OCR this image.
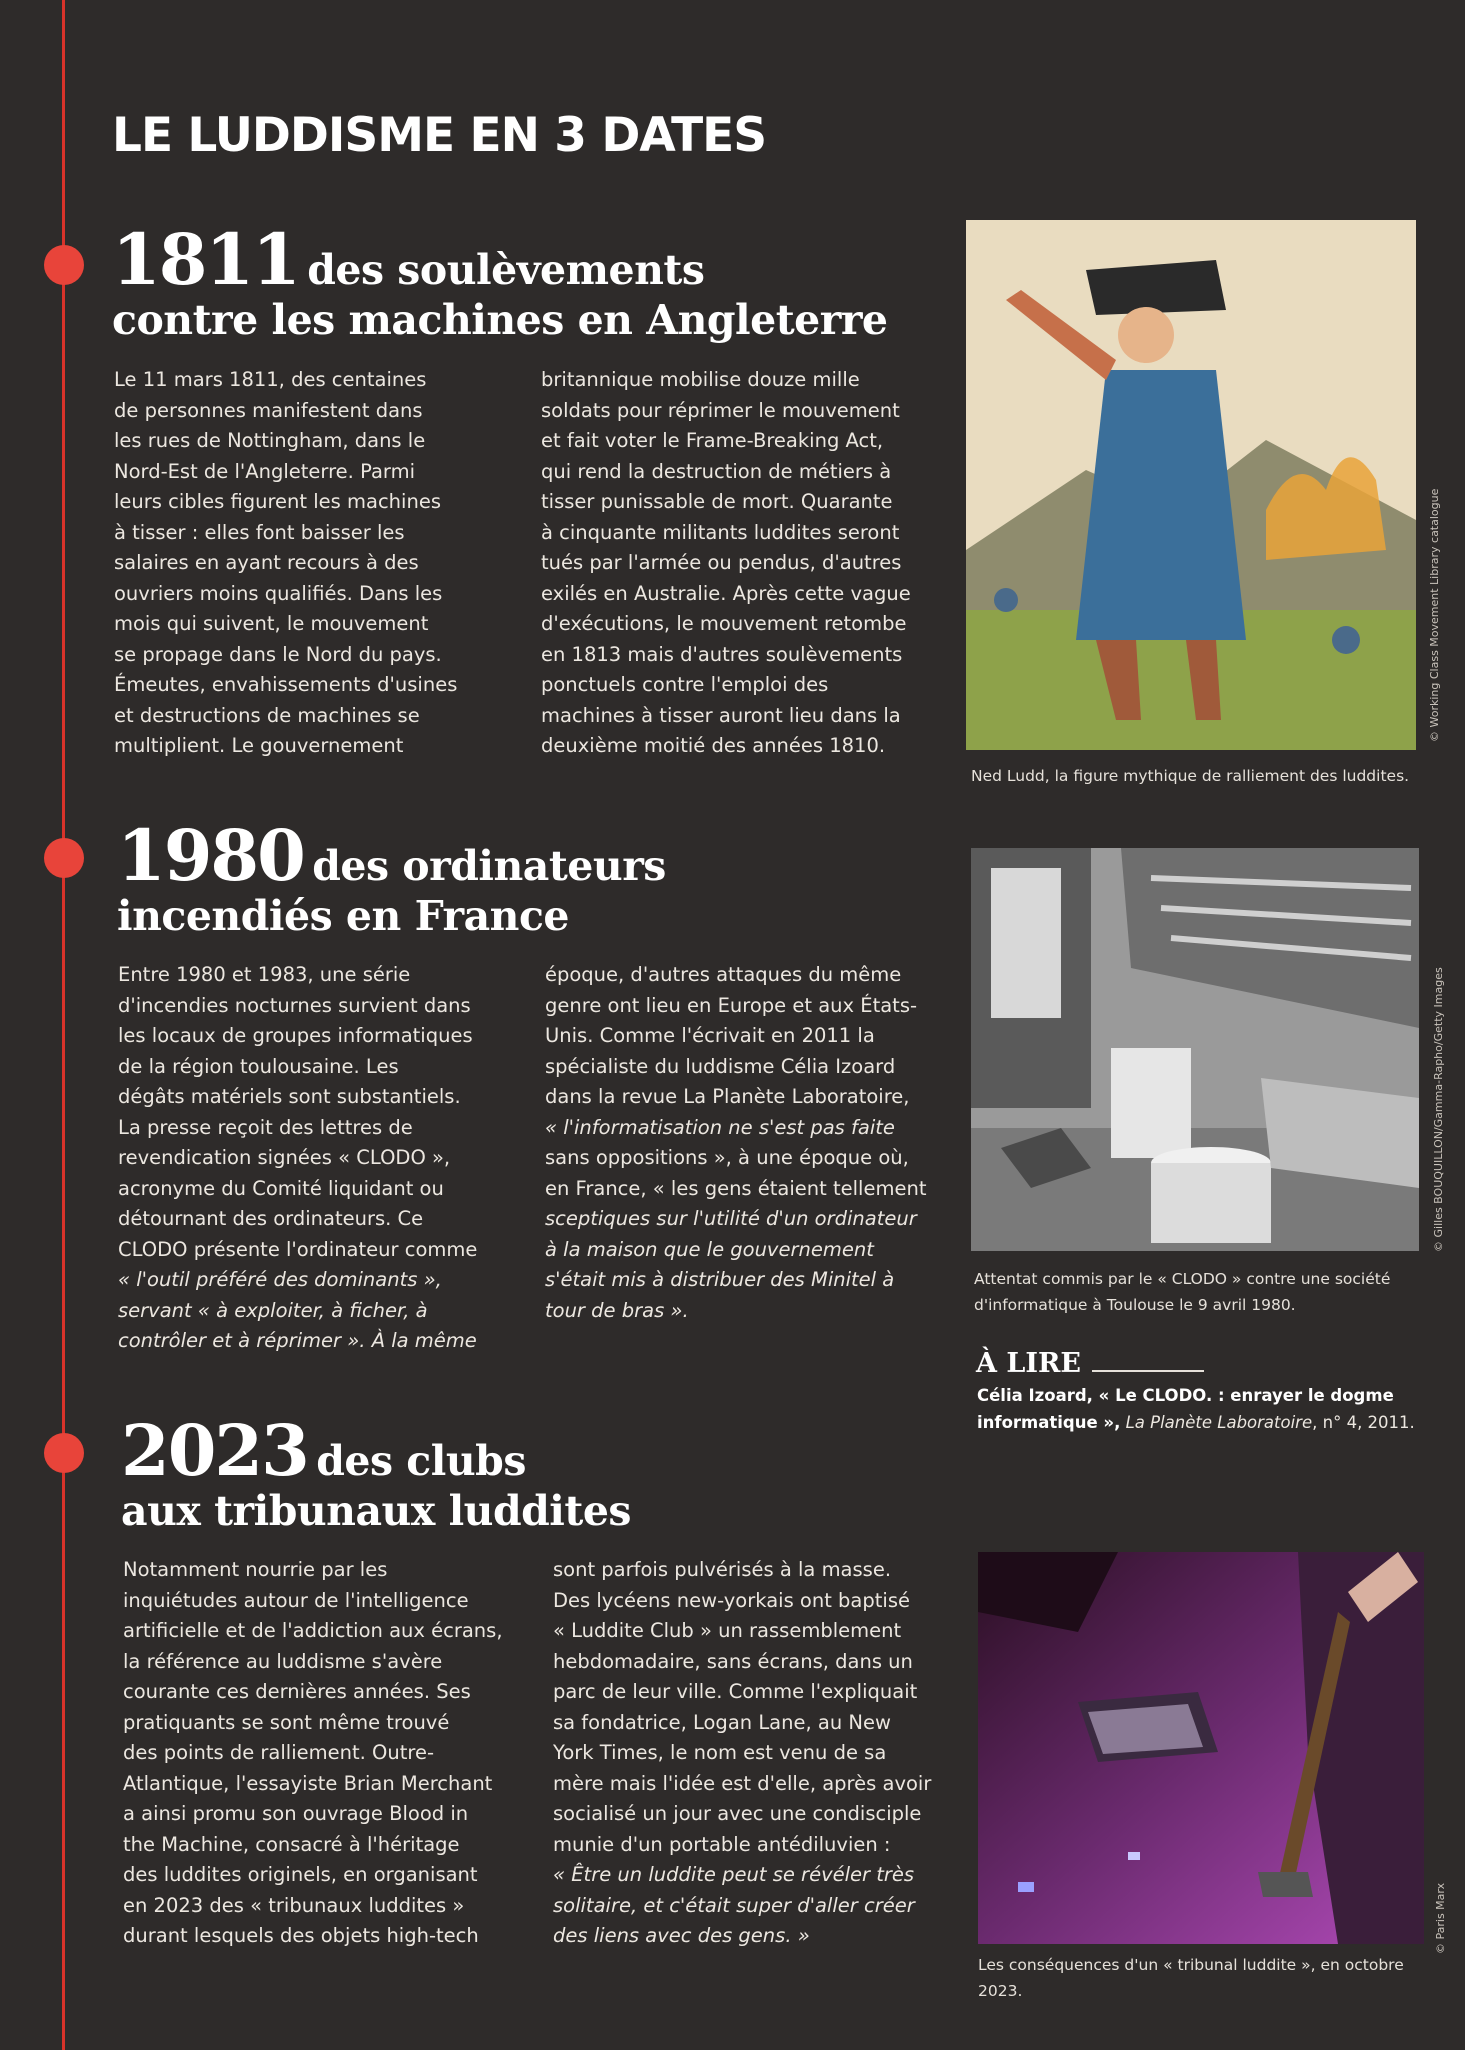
LE LUDDISME EN 3 DATES
1811 des soulèvements
contre les machines en Angleterre
Le 11 mars 1811, des centaines
de personnes manifestent dans
les rues de Nottingham, dans le
Nord-Est de l'Angleterre. Parmi
leurs cibles figurent les machines
à tisser : elles font baisser les
salaires en ayant recours à des
ouvriers moins qualifiés. Dans les
mois qui suivent, le mouvement
se propage dans le Nord du pays.
Émeutes, envahissements d'usines
et destructions de machines se
multiplient. Le gouvernement
britannique mobilise douze mille
soldats pour réprimer le mouvement
et fait voter le Frame-Breaking Act,
qui rend la destruction de métiers à
tisser punissable de mort. Quarante
à cinquante militants luddites seront
tués par l'armée ou pendus, d'autres
exilés en Australie. Après cette vague
d'exécutions, le mouvement retombe
en 1813 mais d'autres soulèvements
ponctuels contre l'emploi des
machines à tisser auront lieu dans la
deuxième moitié des années 1810.
© Working Class Movement Library catalogue
Ned Ludd, la figure mythique de ralliement des luddites.
1980 des ordinateurs
incendiés en France
Entre 1980 et 1983, une série
d'incendies nocturnes survient dans
les locaux de groupes informatiques
de la région toulousaine. Les
dégâts matériels sont substantiels.
La presse reçoit des lettres de
revendication signées « CLODO »,
acronyme du Comité liquidant ou
détournant des ordinateurs. Ce
CLODO présente l'ordinateur comme
« l'outil préféré des dominants »,
servant « à exploiter, à ficher, à
contrôler et à réprimer ». À la même
époque, d'autres attaques du même
genre ont lieu en Europe et aux États-
Unis. Comme l'écrivait en 2011 la
spécialiste du luddisme Célia Izoard
dans la revue La Planète Laboratoire,
« l'informatisation ne s'est pas faite
sans oppositions », à une époque où,
en France, « les gens étaient tellement
sceptiques sur l'utilité d'un ordinateur
à la maison que le gouvernement
s'était mis à distribuer des Minitel à
tour de bras ».
© Gilles BOUQUILLON/Gamma-Rapho/Getty Images
Attentat commis par le « CLODO » contre une société
d'informatique à Toulouse le 9 avril 1980.
À LIRE
Célia Izoard, « Le CLODO. : enrayer le dogme
informatique », La Planète Laboratoire, n° 4, 2011.
2023 des clubs
aux tribunaux luddites
Notamment nourrie par les
inquiétudes autour de l'intelligence
artificielle et de l'addiction aux écrans,
la référence au luddisme s'avère
courante ces dernières années. Ses
pratiquants se sont même trouvé
des points de ralliement. Outre-
Atlantique, l'essayiste Brian Merchant
a ainsi promu son ouvrage Blood in
the Machine, consacré à l'héritage
des luddites originels, en organisant
en 2023 des « tribunaux luddites »
durant lesquels des objets high-tech
sont parfois pulvérisés à la masse.
Des lycéens new-yorkais ont baptisé
« Luddite Club » un rassemblement
hebdomadaire, sans écrans, dans un
parc de leur ville. Comme l'expliquait
sa fondatrice, Logan Lane, au New
York Times, le nom est venu de sa
mère mais l'idée est d'elle, après avoir
socialisé un jour avec une condisciple
munie d'un portable antédiluvien :
« Être un luddite peut se révéler très
solitaire, et c'était super d'aller créer
des liens avec des gens. »	© Paris Marx
Les conséquences d'un « tribunal luddite », en octobre
2023.
